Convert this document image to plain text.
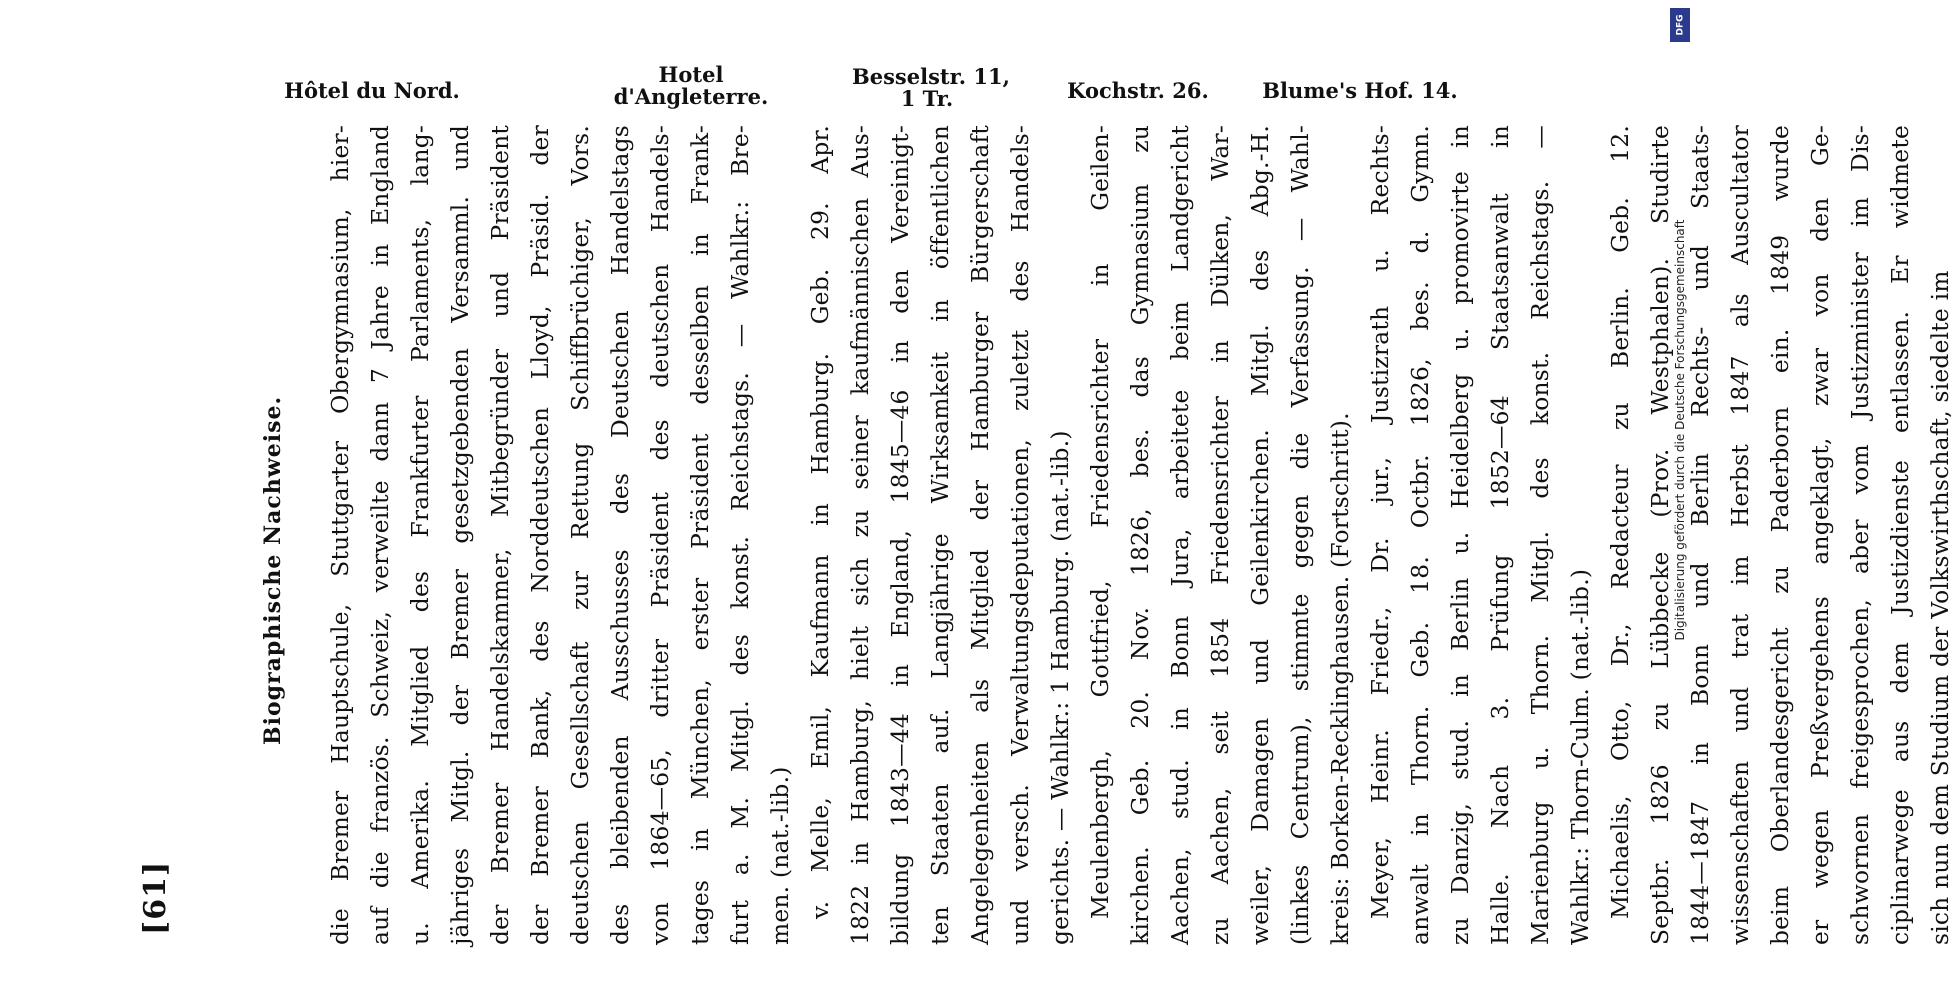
Hôtel du Nord.
Hotel
d'Angleterre.
Besselstr. 11,
1 Tr.	Kochstr. 26.	Blume's Hof. 14.
[61]
Biographische Nachweise. die Bremer Hauptschule, Stuttgarter Obergymnasium, hier- auf die französ. Schweiz, verweilte dann 7 Jahre in England u. Amerika. Mitglied des Frankfurter Parlaments, lang- jähriges Mitgl. der Bremer gesetzgebenden Versamml. und der Bremer Handelskammer, Mitbegründer und Präsident der Bremer Bank, des Norddeutschen Lloyd, Präsid. der deutschen Gesellschaft zur Rettung Schiffbrüchiger, Vors. des bleibenden Ausschusses des Deutschen Handelstags von 1864—65, dritter Präsident des deutschen Handels- tages in München, erster Präsident desselben in Frank- furt a. M. Mitgl. des konst. Reichstags. — Wahlkr.: Bre- men. (nat.-lib.) v. Melle, Emil, Kaufmann in Hamburg. Geb. 29. Apr. 1822 in Hamburg, hielt sich zu seiner kaufmännischen Aus- bildung 1843—44 in England, 1845—46 in den Vereinigt- ten Staaten auf. Langjährige Wirksamkeit in öffentlichen Angelegenheiten als Mitglied der Hamburger Bürgerschaft und versch. Verwaltungsdeputationen, zuletzt des Handels- gerichts. — Wahlkr.: 1 Hamburg. (nat.-lib.) Meulenbergh, Gottfried, Friedensrichter in Geilen- kirchen. Geb. 20. Nov. 1826, bes. das Gymnasium zu Aachen, stud. in Bonn Jura, arbeitete beim Landgericht zu Aachen, seit 1854 Friedensrichter in Dülken, War- weiler, Damagen und Geilenkirchen. Mitgl. des Abg.-H. (linkes Centrum), stimmte gegen die Verfassung. — Wahl- kreis: Borken-Recklinghausen. (Fortschritt). Meyer, Heinr. Friedr., Dr. jur., Justizrath u. Rechts- anwalt in Thorn. Geb. 18. Octbr. 1826, bes. d. Gymn. zu Danzig, stud. in Berlin u. Heidelberg u. promovirte in Halle. Nach 3. Prüfung 1852—64 Staatsanwalt in Marienburg u. Thorn. Mitgl. des konst. Reichstags. — Wahlkr.: Thorn-Culm. (nat.-lib.) Michaelis, Otto, Dr., Redacteur zu Berlin. Geb. 12. Septbr. 1826 zu Lübbecke (Prov. Westphalen). Studirte 1844—1847 in Bonn und Berlin Rechts- und Staats- wissenschaften und trat im Herbst 1847 als Auscultator beim Oberlandesgericht zu Paderborn ein. 1849 wurde er wegen Preßvergehens angeklagt, zwar von den Ge- schwornen freigesprochen, aber vom Justizminister im Dis- ciplinarwege aus dem Justizdienste entlassen. Er widmete sich nun dem Studium der Volkswirthschaft, siedelte im
Digitalisierung gefördert durch die Deutsche Forschungsgemeinschaft
DFG
